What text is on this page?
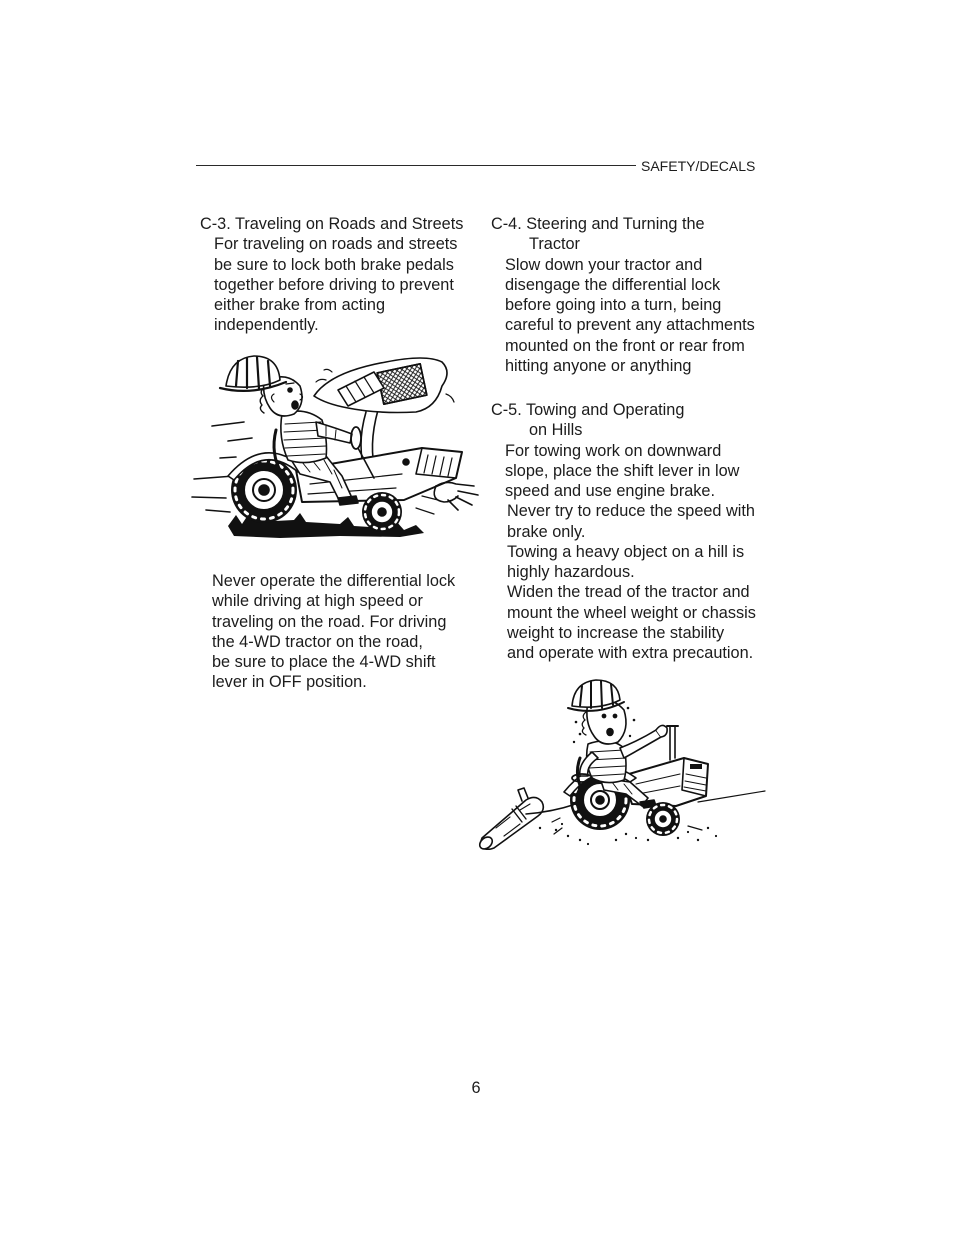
SAFETY/DECALS
C-3. Traveling on Roads and Streets
For traveling on roads and streets
be sure to lock both brake pedals
together before driving to prevent
either brake from acting
independently.
Never operate the differential lock
while driving at high speed or
traveling on the road. For driving
the 4-WD tractor on the road,
be sure to place the 4-WD shift
lever in OFF position.
C-4. Steering and Turning the
Tractor
Slow down your tractor and
disengage the differential lock
before going into a turn, being
careful to prevent any attachments
mounted on the front or rear from
hitting anyone or anything
C-5. Towing and Operating
on Hills
For towing work on downward
slope, place the shift lever in low
speed and use engine brake.
Never try to reduce the speed with
brake only.
Towing a heavy object on a hill is
highly hazardous.
Widen the tread of the tractor and
mount the wheel weight or chassis
weight to increase the stability
and operate with extra precaution.
6
